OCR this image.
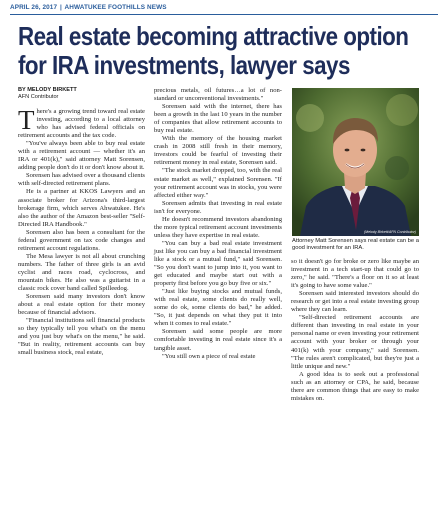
APRIL 26, 2017 | AHWATUKEE FOOTHILLS NEWS
Real estate becoming attractive option
for IRA investments, lawyer says
BY MELODY BIRKETT
AFN Contributor

There's a growing trend toward real estate investing, according to a local attorney who has advised federal officials on retirement accounts and the tax code.

"You've always been able to buy real estate with a retirement account — whether it's an IRA or 401(k)," said attorney Matt Sorensen, adding people don't do it or don't know about it.

Sorensen has advised over a thousand clients with self-directed retirement plans.

He is a partner at KKOS Lawyers and an associate broker for Arizona's third-largest brokerage firm, which serves Ahwatukee. He's also the author of the Amazon best-seller "Self-Directed IRA Handbook."

Sorensen also has been a consultant for the federal government on tax code changes and retirement account regulations.

The Mesa lawyer is not all about crunching numbers. The father of three girls is an avid cyclist and races road, cyclocross, and mountain bikes. He also was a guitarist in a classic rock cover band called Spilleedog.

Sorensen said many investors don't know about a real estate option for their money because of financial advisors.

"Financial institutions sell financial products so they typically tell you what's on the menu and you just buy what's on the menu," he said. "But in reality, retirement accounts can buy small business stock, real estate,

precious metals, oil futures…a lot of non-standard or unconventional investments."

Sorensen said with the internet, there has been a growth in the last 10 years in the number of companies that allow retirement accounts to buy real estate.

With the memory of the housing market crash in 2008 still fresh in their memory, investors could be fearful of investing their retirement money in real estate, Sorensen said.

"The stock market dropped, too, with the real estate market as well," explained Sorensen. "If your retirement account was in stocks, you were affected either way."

Sorensen admits that investing in real estate isn't for everyone.

He doesn't recommend investors abandoning the more typical retirement account investments unless they have expertise in real estate.

"You can buy a bad real estate investment just like you can buy a bad financial investment like a stock or a mutual fund," said Sorensen. "So you don't want to jump into it, you want to get educated and maybe start out with a property first before you go buy five or six."

"Just like buying stocks and mutual funds, with real estate, some clients do really well, some do ok, some clients do bad," he added. "So, it just depends on what they put it into when it comes to real estate."

Sorensen said some people are more comfortable investing in real estate since it's a tangible asset.

"You still own a piece of real estate

(Melody Birkett/AFN Contributor)
Attorney Matt Sorensen says real estate can be a good investment for an IRA.

so it doesn't go for broke or zero like maybe an investment in a tech start-up that could go to zero," he said. "There's a floor on it so at least it's going to have some value."

Sorensen said interested investors should do research or get into a real estate investing group where they can learn.

"Self-directed retirement accounts are different than investing in real estate in your personal name or even investing your retirement account with your broker or through your 401(k) with your company," said Sorensen. "The rules aren't complicated, but they're just a little unique and new."

A good idea is to seek out a professional such as an attorney or CPA, he said, because there are common things that are easy to make mistakes on.
